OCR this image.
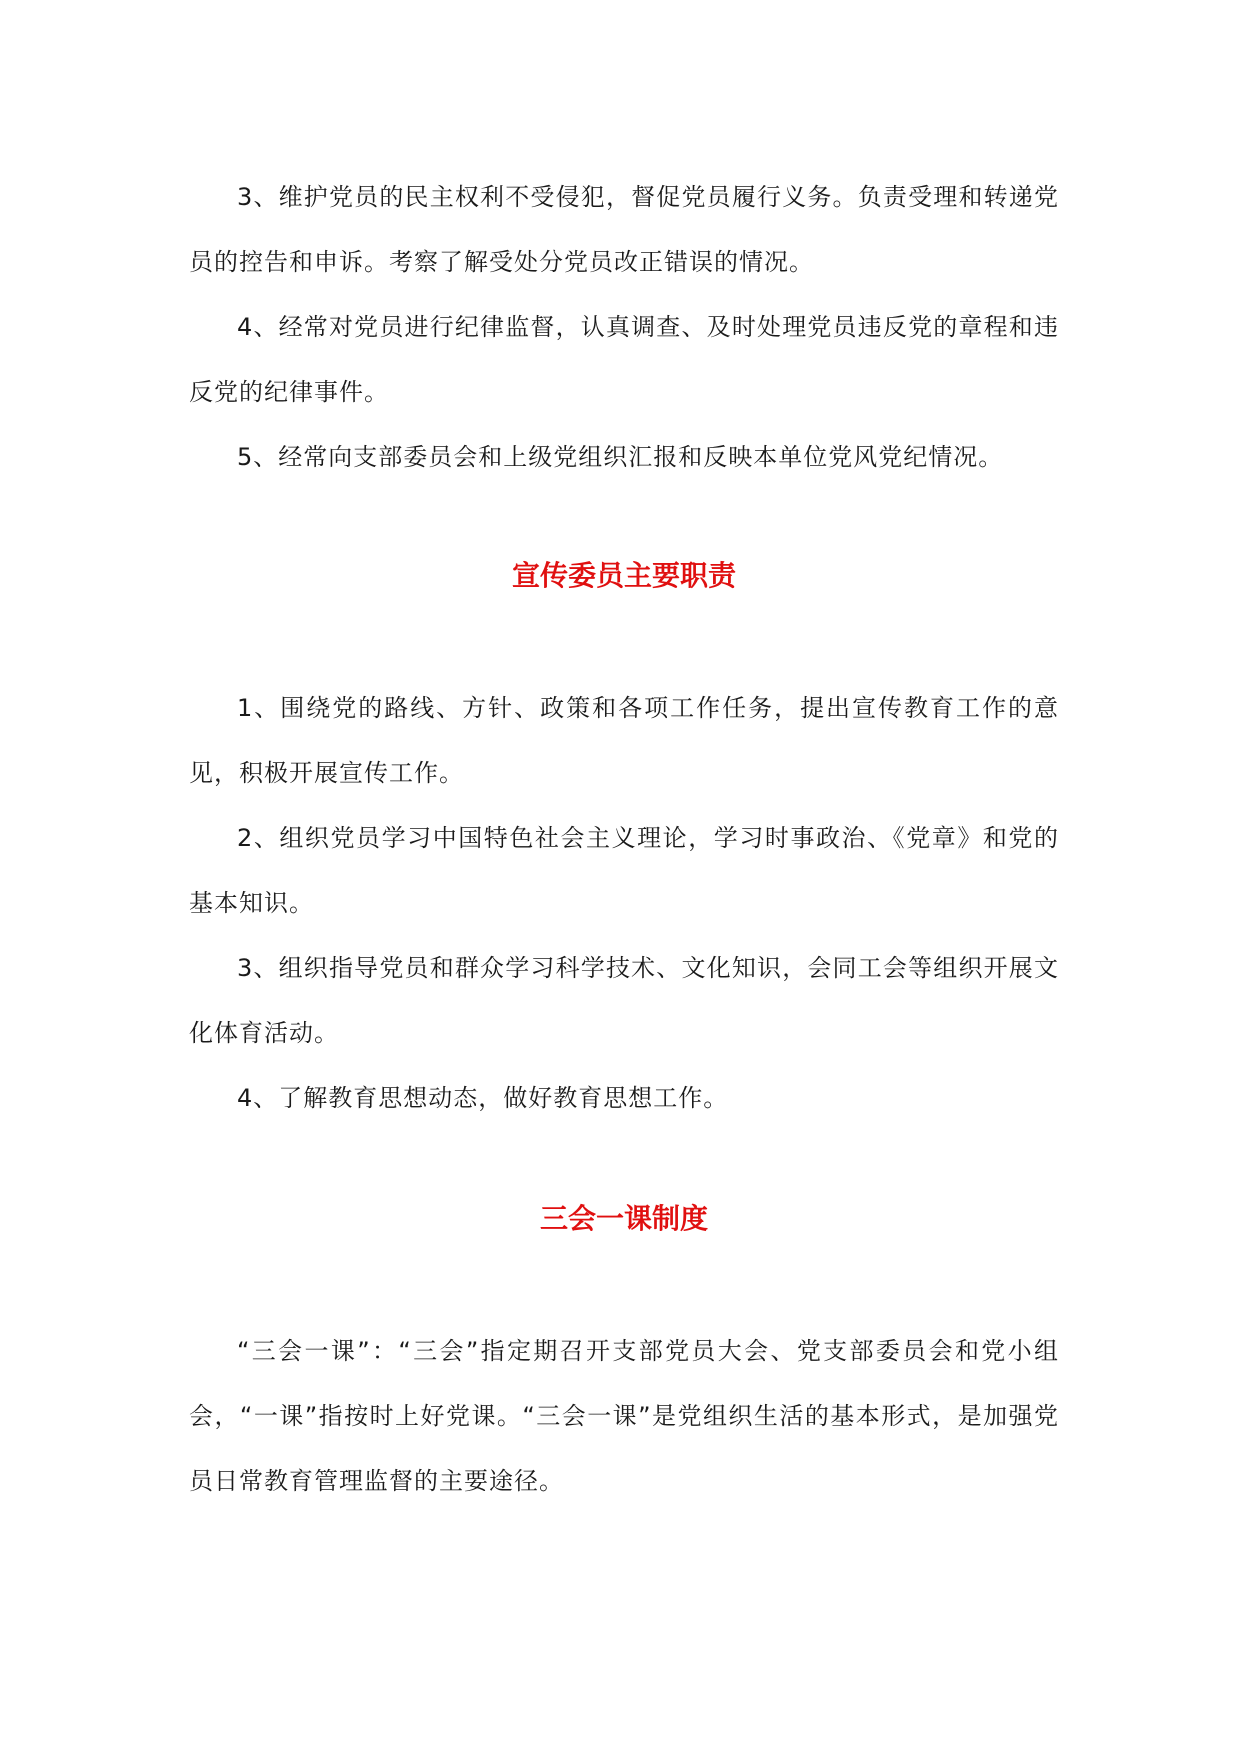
3、维护党员的民主权利不受侵犯，督促党员履行义务。负责受理和转递党员的控告和申诉。考察了解受处分党员改正错误的情况。

4、经常对党员进行纪律监督，认真调查、及时处理党员违反党的章程和违反党的纪律事件。

5、经常向支部委员会和上级党组织汇报和反映本单位党风党纪情况。

宣传委员主要职责

1、围绕党的路线、方针、政策和各项工作任务，提出宣传教育工作的意见，积极开展宣传工作。

2、组织党员学习中国特色社会主义理论，学习时事政治、《党章》和党的基本知识。

3、组织指导党员和群众学习科学技术、文化知识，会同工会等组织开展文化体育活动。

4、了解教育思想动态，做好教育思想工作。

三会一课制度

“三会一课”：“三会”指定期召开支部党员大会、党支部委员会和党小组会，“一课”指按时上好党课。“三会一课”是党组织生活的基本形式，是加强党员日常教育管理监督的主要途径。
